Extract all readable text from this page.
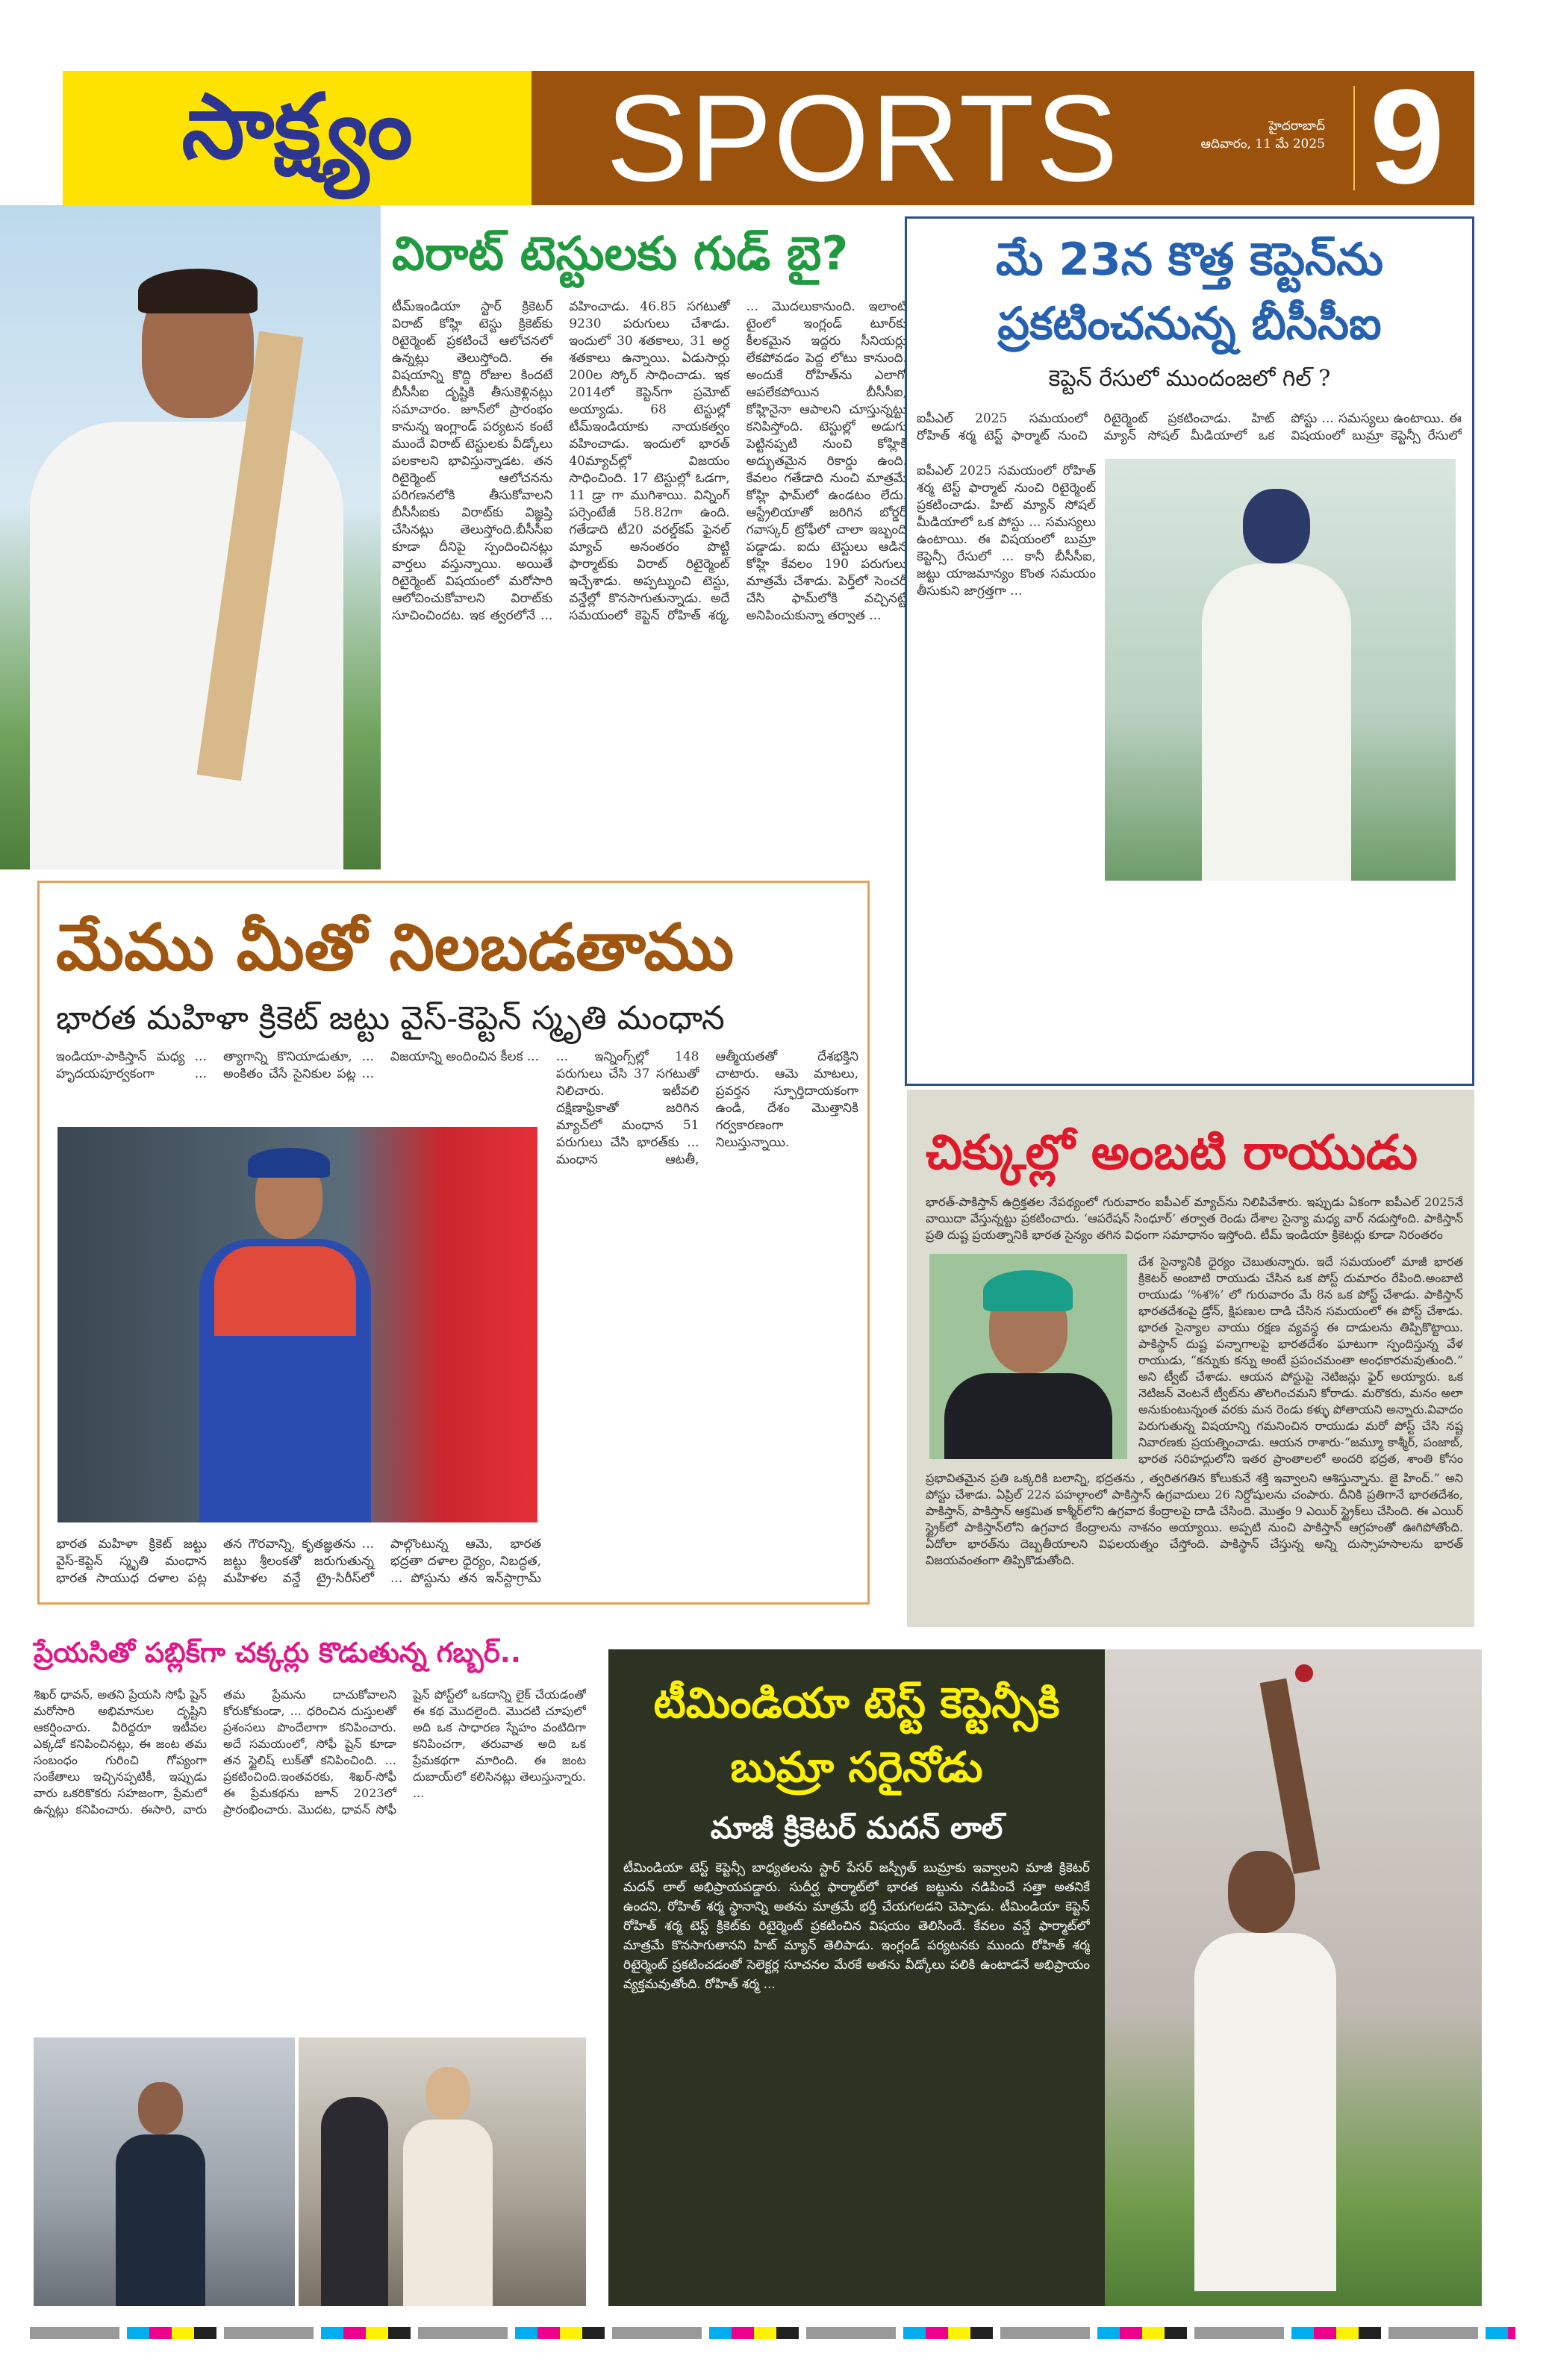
సాక్ష్యం SPORTS	హైదరాబాద్
ఆదివారం, 11 మే 2025 9
విరాట్ టెస్టులకు గుడ్ బై?
టీమ్‌ఇండియా స్టార్ క్రికెటర్ విరాట్ కోహ్లి టెస్టు క్రికెట్‌కు రిటైర్మెంట్ ప్రకటించే ఆలోచనలో ఉన్నట్లు తెలుస్తోంది. ఈ విషయాన్ని కొద్ది రోజుల కిందటే బీసీసీఐ దృష్టికి తీసుకెళ్లినట్లు సమాచారం. జూన్‌లో ప్రారంభం కానున్న ఇంగ్లాండ్ పర్యటన కంటే ముందే విరాట్ టెస్టులకు వీడ్కోలు పలకాలని భావిస్తున్నాడట. తన రిటైర్మెంట్ ఆలోచనను పరిగణనలోకి తీసుకోవాలని బీసీసీఐకు విరాట్‌కు విజ్ఞప్తి చేసినట్లు తెలుస్తోంది.బీసీసీఐ కూడా దీనిపై స్పందించినట్లు వార్తలు వస్తున్నాయి. అయితే రిటైర్మెంట్ విషయంలో మరోసారి ఆలోచించుకోవాలని విరాట్‌కు సూచించిందట. ఇక త్వరలోనే ... వహించాడు. 46.85 సగటుతో 9230 పరుగులు చేశాడు. ఇందులో 30 శతకాలు, 31 అర్ధ శతకాలు ఉన్నాయి. ఏడుసార్లు 200ల స్కోర్ సాధించాడు. ఇక 2014లో కెప్టెన్‌గా ప్రమోట్ అయ్యాడు. 68 టెస్టుల్లో టీమ్‌ఇండియాకు నాయకత్వం వహించాడు. ఇందులో భారత్ 40మ్యాచ్‌ల్లో విజయం సాధించింది. 17 టెస్టుల్లో ఓడగా, 11 డ్రా గా ముగిశాయి. విన్నింగ్ పర్సెంటేజీ 58.82గా ఉంది. గతేడాది టీ20 వరల్డ్‌కప్ ఫైనల్ మ్యాచ్ అనంతరం పొట్టి ఫార్మాట్‌కు విరాట్ రిటైర్మెంట్ ఇచ్చేశాడు. అప్పట్నుంచి టెస్టు, వన్డేల్లో కొనసాగుతున్నాడు. అదే సమయంలో కెప్టెన్ రోహిత్ శర్మ, ... మొదలుకానుంది. ఇలాంటి టైంలో ఇంగ్లండ్ టూర్‌కు కీలకమైన ఇద్దరు సీనియర్లు లేకపోవడం పెద్ద లోటు కానుంది. అందుకే రోహిత్‌ను ఎలాగో ఆపలేకపోయిన బీసీసీఐ, కోహ్లినైనా ఆపాలని చూస్తున్నట్టు కనిపిస్తోంది. టెస్టుల్లో అడుగు పెట్టినప్పటి నుంచి కోహ్లికి అద్భుతమైన రికార్డు ఉంది. కేవలం గతేడాది నుంచి మాత్రమే కోహ్లి ఫామ్‌లో ఉండటం లేదు. ఆస్ట్రేలియాతో జరిగిన బోర్డర్ గవాస్కర్ ట్రోఫీలో చాలా ఇబ్బంది పడ్డాడు. ఐదు టెస్టులు ఆడిన కోహ్లి కేవలం 190 పరుగులు మాత్రమే చేశాడు. పెర్త్‌లో సెంచరీ చేసి ఫామ్‌లోకి వచ్చినట్టే అనిపించుకున్నా తర్వాత ...
మే 23న కొత్త కెప్టెన్‌ను
ప్రకటించనున్న బీసీసీఐ
కెప్టెన్ రేసులో ముందంజలో గిల్ ?
ఐపీఎల్ 2025 సమయంలో రోహిత్ శర్మ టెస్ట్ ఫార్మాట్ నుంచి రిటైర్మెంట్ ప్రకటించాడు. హిట్ మ్యాన్ సోషల్ మీడియాలో ఒక పోస్టు ... సమస్యలు ఉంటాయి. ఈ విషయంలో బుమ్రా కెప్టెన్సీ రేసులో
ఐపీఎల్ 2025 సమయంలో రోహిత్ శర్మ టెస్ట్ ఫార్మాట్ నుంచి రిటైర్మెంట్ ప్రకటించాడు. హిట్ మ్యాన్ సోషల్ మీడియాలో ఒక పోస్టు ... సమస్యలు ఉంటాయి. ఈ విషయంలో బుమ్రా కెప్టెన్సీ రేసులో ... కానీ బీసీసీఐ, జట్టు యాజమాన్యం కొంత సమయం తీసుకుని జాగ్రత్తగా ...
మేము మీతో నిలబడతాము
భారత మహిళా క్రికెట్ జట్టు వైస్-కెప్టెన్ స్మృతి మంధాన
ఇండియా-పాకిస్తాన్ మధ్య ... హృదయపూర్వకంగా ... త్యాగాన్ని కొనియాడుతూ, ... అంకితం చేసే సైనికుల పట్ల ... విజయాన్ని అందించిన కీలక ...
భారత మహిళా క్రికెట్ జట్టు వైస్-కెప్టెన్ స్మృతి మంధాన భారత సాయుధ దళాల పట్ల తన గౌరవాన్ని, కృతజ్ఞతను ... జట్టు శ్రీలంకతో జరుగుతున్న మహిళల వన్డే ట్రై-సిరీస్‌లో పాల్గొంటున్న ఆమె, భారత భద్రతా దళాల ధైర్యం, నిబద్ధత, ... పోస్టును తన ఇన్‌స్టాగ్రామ్
... ఇన్నింగ్స్‌ల్లో 148 పరుగులు చేసి 37 సగటుతో నిలిచారు. ఇటీవలి దక్షిణాఫ్రికాతో జరిగిన మ్యాచ్‌లో మంధాన 51 పరుగులు చేసి భారత్‌కు ... మంధాన ఆటతీ, ఆత్మీయతతో దేశభక్తిని చాటారు. ఆమె మాటలు, ప్రవర్తన స్ఫూర్తిదాయకంగా ఉండి, దేశం మొత్తానికి గర్వకారణంగా నిలుస్తున్నాయి.	చిక్కుల్లో అంబటి రాయుడు
భారత్-పాకిస్తాన్ ఉద్రిక్తతల నేపథ్యంలో గురువారం ఐపీఎల్ మ్యాచ్‌ను నిలిపివేశారు. ఇప్పుడు ఏకంగా ఐపీఎల్ 2025నే వాయిదా వేస్తున్నట్టు ప్రకటించారు. ‘ఆపరేషన్ సింధూర్’ తర్వాత రెండు దేశాల సైన్యా మధ్య వార్ నడుస్తోంది. పాకిస్తాన్ ప్రతి దుష్ట ప్రయత్నానికి భారత సైన్యం తగిన విధంగా సమాధానం ఇస్తోంది. టీమ్ ఇండియా క్రికెటర్లు కూడా నిరంతరం
దేశ సైన్యానికి ధైర్యం చెబుతున్నారు. ఇదే సమయంలో మాజీ భారత క్రికెటర్ అంబాటి రాయుడు చేసిన ఒక పోస్ట్ దుమారం రేపింది.అంబాటి రాయుడు ‘%శ%’ లో గురువారం మే 8న ఒక పోస్ట్ చేశాడు. పాకిస్తాన్ భారతదేశంపై డ్రోన్, క్షిపణుల దాడి చేసిన సమయంలో ఈ పోస్ట్ చేశాడు. భారత సైన్యాల వాయు రక్షణ వ్యవస్థ ఈ దాడులను తిప్పికొట్టాయి. పాకిస్థాన్ దుష్ట పన్నాగాలపై భారతదేశం ఘాటుగా స్పందిస్తున్న వేళ రాయుడు, “కన్నుకు కన్ను అంటే ప్రపంచమంతా అంధకారమవుతుంది.” అని ట్వీట్ చేశాడు. ఆయన పోస్టుపై నెటిజన్లు ఫైర్ అయ్యారు. ఒక నెటిజన్ వెంటనే ట్వీట్‌ను తొలగించమని కోరాడు. మరొకరు, మనం అలా అనుకుంటున్నంత వరకు మన రెండు కళ్ళు పోతాయని అన్నారు.వివాదం పెరుగుతున్న విషయాన్ని గమనించిన రాయుడు మరో పోస్ట్ చేసి నష్ట నివారణకు ప్రయత్నించాడు. ఆయన రాశారు-“జమ్మూ కాశ్మీర్, పంజాబ్, భారత సరిహద్దులోని ఇతర ప్రాంతాలలో అందరి భద్రత, శాంతి కోసం
ప్రభావితమైన ప్రతి ఒక్కరికి బలాన్ని, భద్రతను , త్వరితగతిన కోలుకునే శక్తి ఇవ్వాలని ఆశిస్తున్నాను. జై హింద్.” అని పోస్టు చేశాడు. ఏప్రిల్ 22న పహల్గాంలో పాకిస్తాన్ ఉగ్రవాదులు 26 నిర్దోషులను చంపారు. దీనికి ప్రతిగానే భారతదేశం, పాకిస్తాన్, పాకిస్తాన్ ఆక్రమిత కాశ్మీర్‌లోని ఉగ్రవాద కేంద్రాలపై దాడి చేసింది. మొత్తం 9 ఎయిర్ స్ట్రైక్‌లు చేసింది. ఈ ఎయిర్ స్ట్రైక్‌లో పాకిస్తాన్‌లోని ఉగ్రవాద కేంద్రాలను నాశనం అయ్యాయి. అప్పటి నుంచి పాకిస్తాన్ ఆగ్రహంతో ఊగిపోతోంది. ఏదోలా భారత్‌ను దెబ్బతీయాలని విఫలయత్నం చేస్తోంది. పాకిస్థాన్ చేస్తున్న అన్ని దుస్సాహసాలను భారత్ విజయవంతంగా తిప్పికొడుతోంది.
ప్రేయసితో పబ్లిక్‌గా చక్కర్లు కొడుతున్న గబ్బర్..
శిఖర్ ధావన్, అతని ప్రేయసి సోఫీ షైన్ మరోసారి అభిమానుల దృష్టిని ఆకర్షించారు. వీరిద్దరూ ఇటీవల ఎక్కడో కనిపించినట్లు, ఈ జంట తమ సంబంధం గురించి గోప్యంగా సంకేతాలు ఇచ్చినప్పటికీ, ఇప్పుడు వారు ఒకరికొకరు సహజంగా, ప్రేమలో ఉన్నట్లు కనిపించారు. ఈసారి, వారు తమ ప్రేమను దాచుకోవాలని కోరుకోకుండా, ... ధరించిన దుస్తులతో ప్రశంసలు పొందేలాగా కనిపించారు. అదే సమయంలో, సోఫీ షైన్ కూడా తన స్టైలిష్ లుక్‌తో కనిపించింది. ... ప్రకటించింది.ఇంతవరకు, శిఖర్-సోఫీ ఈ ప్రేమకథను జూన్ 2023లో ప్రారంభించారు. మొదట, ధావన్ సోఫీ షైన్ పోస్ట్‌లో ఒకదాన్ని లైక్ చేయడంతో ఈ కథ మొదలైంది. మొదటి చూపులో అది ఒక సాధారణ స్నేహం వంటిదిగా కనిపించగా, తరువాత అది ఒక ప్రేమకథగా మారింది. ఈ జంట దుబాయ్‌లో కలిసినట్లు తెలుస్తున్నారు. ...
టీమిండియా టెస్ట్ కెప్టెన్సీకి
బుమ్రా సరైనోడు
మాజీ క్రికెటర్ మదన్ లాల్
టీమిండియా టెస్ట్ కెప్టెన్సీ బాధ్యతలను స్టార్ పేసర్ జస్ప్రీత్ బుమ్రాకు ఇవ్వాలని మాజీ క్రికెటర్ మదన్ లాల్ అభిప్రాయపడ్డారు. సుదీర్ఘ ఫార్మాట్‌లో భారత జట్టును నడిపించే సత్తా అతనికే ఉందని, రోహిత్ శర్మ స్థానాన్ని అతను మాత్రమే భర్తీ చేయగలడని చెప్పాడు. టీమిండియా కెప్టెన్ రోహిత్ శర్మ టెస్ట్ క్రికెట్‌కు రిటైర్మెంట్ ప్రకటించిన విషయం తెలిసిందే. కేవలం వన్డే ఫార్మాట్‌లో మాత్రమే కొనసాగుతానని హిట్ మ్యాన్ తెలిపాడు. ఇంగ్లండ్ పర్యటనకు ముందు రోహిత్ శర్మ రిటైర్మెంట్ ప్రకటించడంతో సెలెక్టర్ల సూచనల మేరకే అతను వీడ్కోలు పలికి ఉంటాడనే అభిప్రాయం వ్యక్తమవుతోంది. రోహిత్ శర్మ ...
